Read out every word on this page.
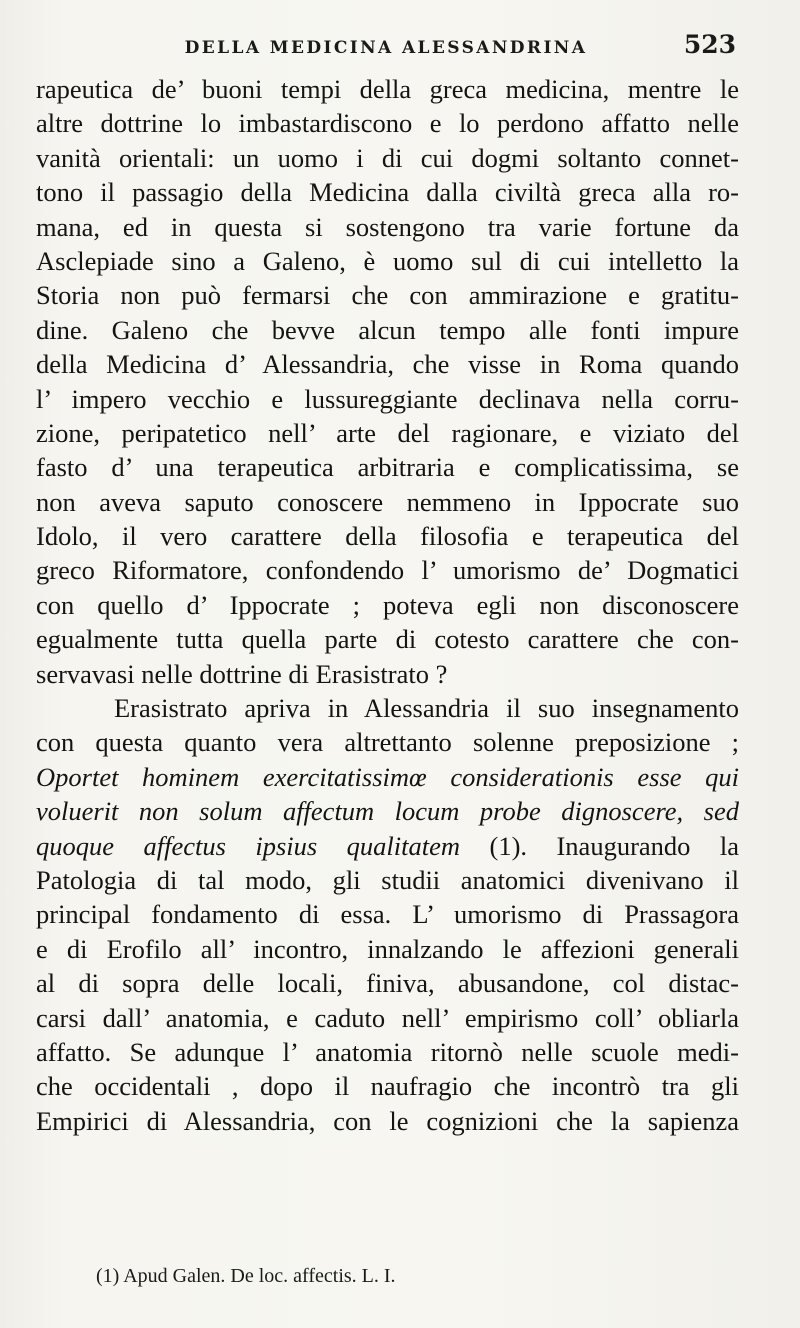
DELLA MEDICINA ALESSANDRINA	523
rapeutica de’ buoni tempi della greca medicina, mentre le
altre dottrine lo imbastardiscono e lo perdono affatto nelle
vanità orientali: un uomo i di cui dogmi soltanto connet-
tono il passagio della Medicina dalla civiltà greca alla ro-
mana, ed in questa si sostengono tra varie fortune da
Asclepiade sino a Galeno, è uomo sul di cui intelletto la
Storia non può fermarsi che con ammirazione e gratitu-
dine. Galeno che bevve alcun tempo alle fonti impure
della Medicina d’ Alessandria, che visse in Roma quando
l’ impero vecchio e lussureggiante declinava nella corru-
zione, peripatetico nell’ arte del ragionare, e viziato del
fasto d’ una terapeutica arbitraria e complicatissima, se
non aveva saputo conoscere nemmeno in Ippocrate suo
Idolo, il vero carattere della filosofia e terapeutica del
greco Riformatore, confondendo l’ umorismo de’ Dogmatici
con quello d’ Ippocrate ; poteva egli non disconoscere
egualmente tutta quella parte di cotesto carattere che con-
servavasi nelle dottrine di Erasistrato ?
Erasistrato apriva in Alessandria il suo insegnamento
con questa quanto vera altrettanto solenne preposizione ;
Oportet hominem exercitatissimœ considerationis esse qui
voluerit non solum affectum locum probe dignoscere, sed
quoque affectus ipsius qualitatem (1). Inaugurando la
Patologia di tal modo, gli studii anatomici divenivano il
principal fondamento di essa. L’ umorismo di Prassagora
e di Erofilo all’ incontro, innalzando le affezioni generali
al di sopra delle locali, finiva, abusandone, col distac-
carsi dall’ anatomia, e caduto nell’ empirismo coll’ obliarla
affatto. Se adunque l’ anatomia ritornò nelle scuole medi-
che occidentali , dopo il naufragio che incontrò tra gli
Empirici di Alessandria, con le cognizioni che la sapienza
(1) Apud Galen. De loc. affectis. L. I.
